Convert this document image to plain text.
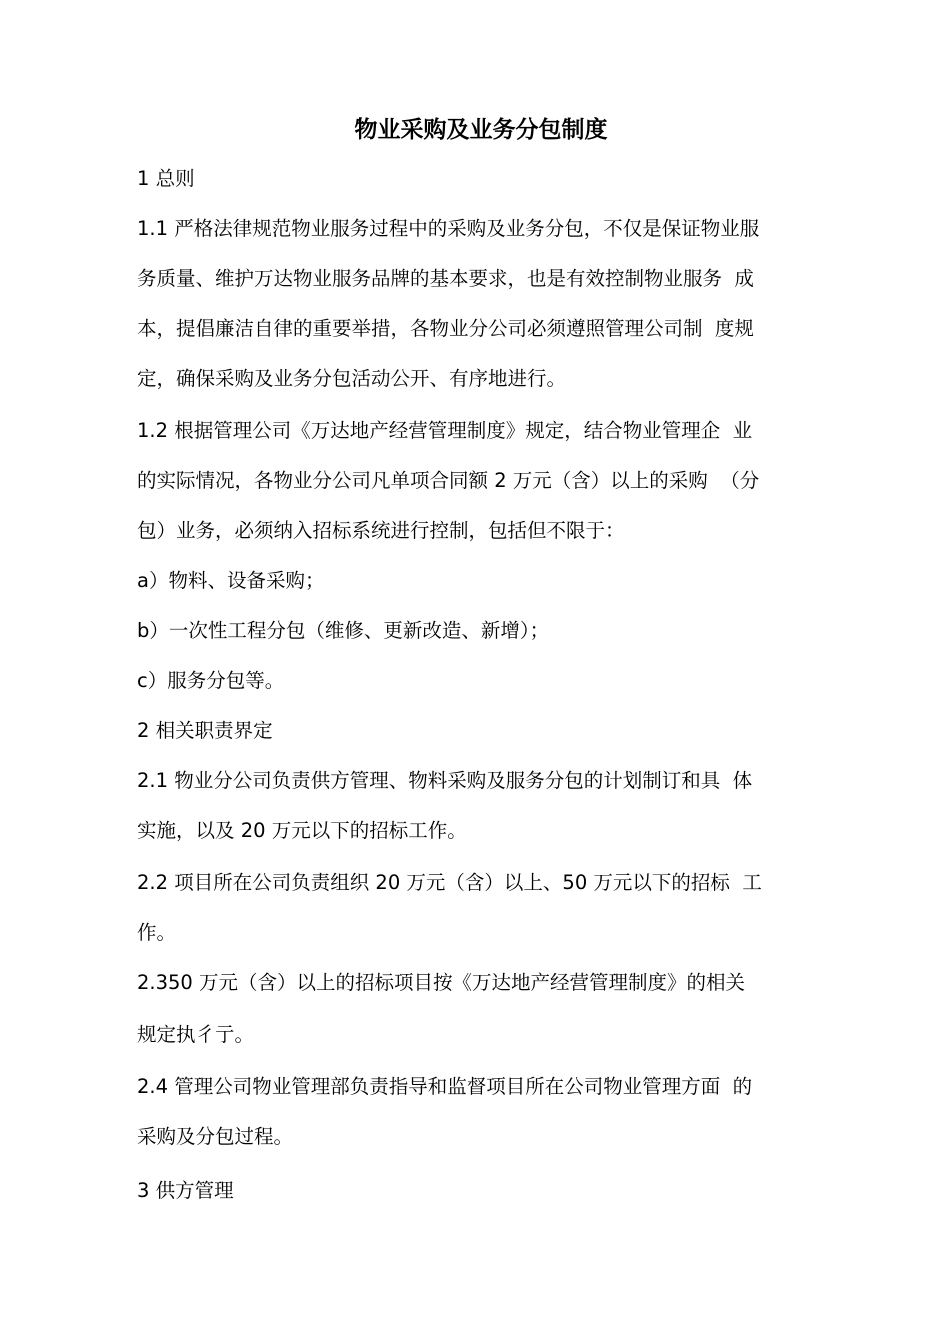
物业采购及业务分包制度
1 总则
1.1 严格法律规范物业服务过程中的采购及业务分包，不仅是保证物业服
务质量、维护万达物业服务品牌的基本要求，也是有效控制物业服务  成
本，提倡廉洁自律的重要举措，各物业分公司必须遵照管理公司制  度规
定，确保采购及业务分包活动公开、有序地进行。
1.2 根据管理公司《万达地产经营管理制度》规定，结合物业管理企  业
的实际情况，各物业分公司凡单项合同额 2 万元（含）以上的采购  （分
包）业务，必须纳入招标系统进行控制，包括但不限于：
a）物料、设备采购；
b）一次性工程分包（维修、更新改造、新增）；
c）服务分包等。
2 相关职责界定
2.1 物业分公司负责供方管理、物料采购及服务分包的计划制订和具  体
实施，以及 20 万元以下的招标工作。
2.2 项目所在公司负责组织 20 万元（含）以上、50 万元以下的招标  工
作。
2.350 万元（含）以上的招标项目按《万达地产经营管理制度》的相关
规定执彳亍。
2.4 管理公司物业管理部负责指导和监督项目所在公司物业管理方面  的
采购及分包过程。
3 供方管理
